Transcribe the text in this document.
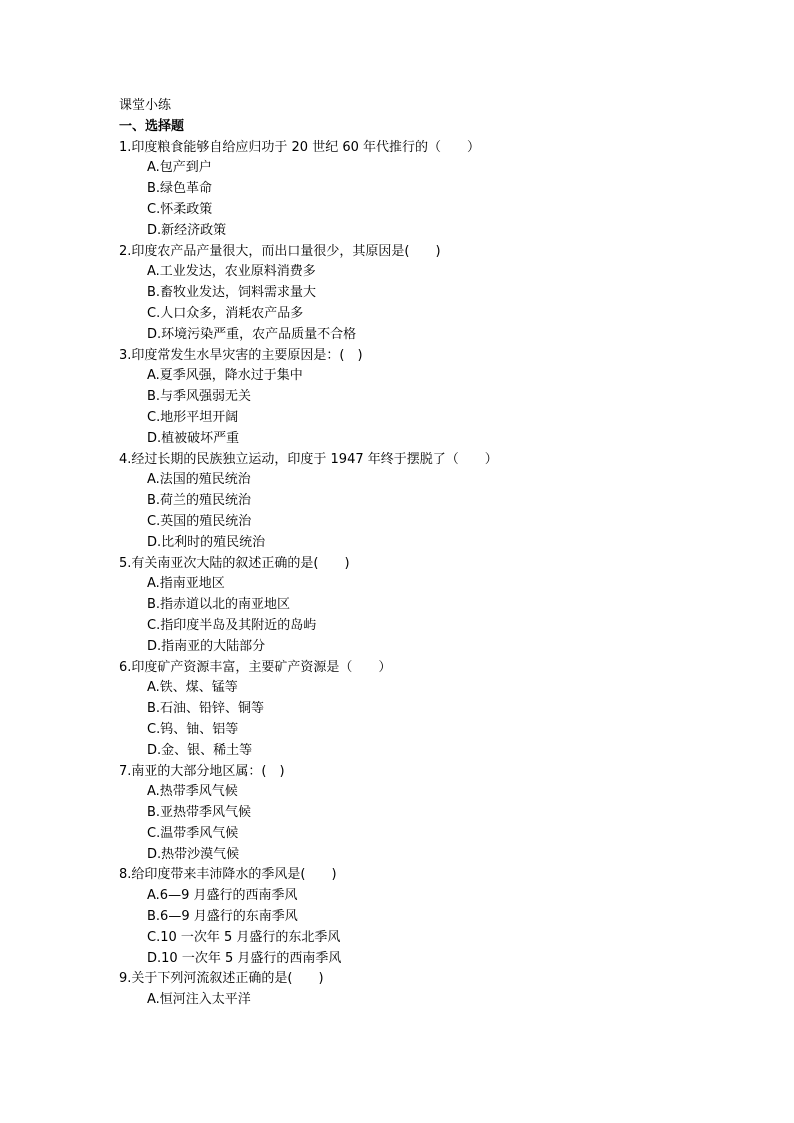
课堂小练
一、选择题
1.印度粮食能够自给应归功于 20 世纪 60 年代推行的（　　）
A.包产到户
B.绿色革命
C.怀柔政策
D.新经济政策
2.印度农产品产量很大，而出口量很少，其原因是(　　)
A.工业发达，农业原料消费多
B.畜牧业发达，饲料需求量大
C.人口众多，消耗农产品多
D.环境污染严重，农产品质量不合格
3.印度常发生水旱灾害的主要原因是：(　)
A.夏季风强，降水过于集中
B.与季风强弱无关
C.地形平坦开阔
D.植被破坏严重
4.经过长期的民族独立运动，印度于 1947 年终于摆脱了（　　）
A.法国的殖民统治
B.荷兰的殖民统治
C.英国的殖民统治
D.比利时的殖民统治
5.有关南亚次大陆的叙述正确的是(　　)
A.指南亚地区
B.指赤道以北的南亚地区
C.指印度半岛及其附近的岛屿
D.指南亚的大陆部分
6.印度矿产资源丰富，主要矿产资源是（　　）
A.铁、煤、锰等
B.石油、铅锌、铜等
C.钨、铀、铝等
D.金、银、稀土等
7.南亚的大部分地区属：(　)
A.热带季风气候
B.亚热带季风气候
C.温带季风气候
D.热带沙漠气候
8.给印度带来丰沛降水的季风是(　　)
A.6—9 月盛行的西南季风
B.6—9 月盛行的东南季风
C.10 一次年 5 月盛行的东北季风
D.10 一次年 5 月盛行的西南季风
9.关于下列河流叙述正确的是(　　)
A.恒河注入太平洋
